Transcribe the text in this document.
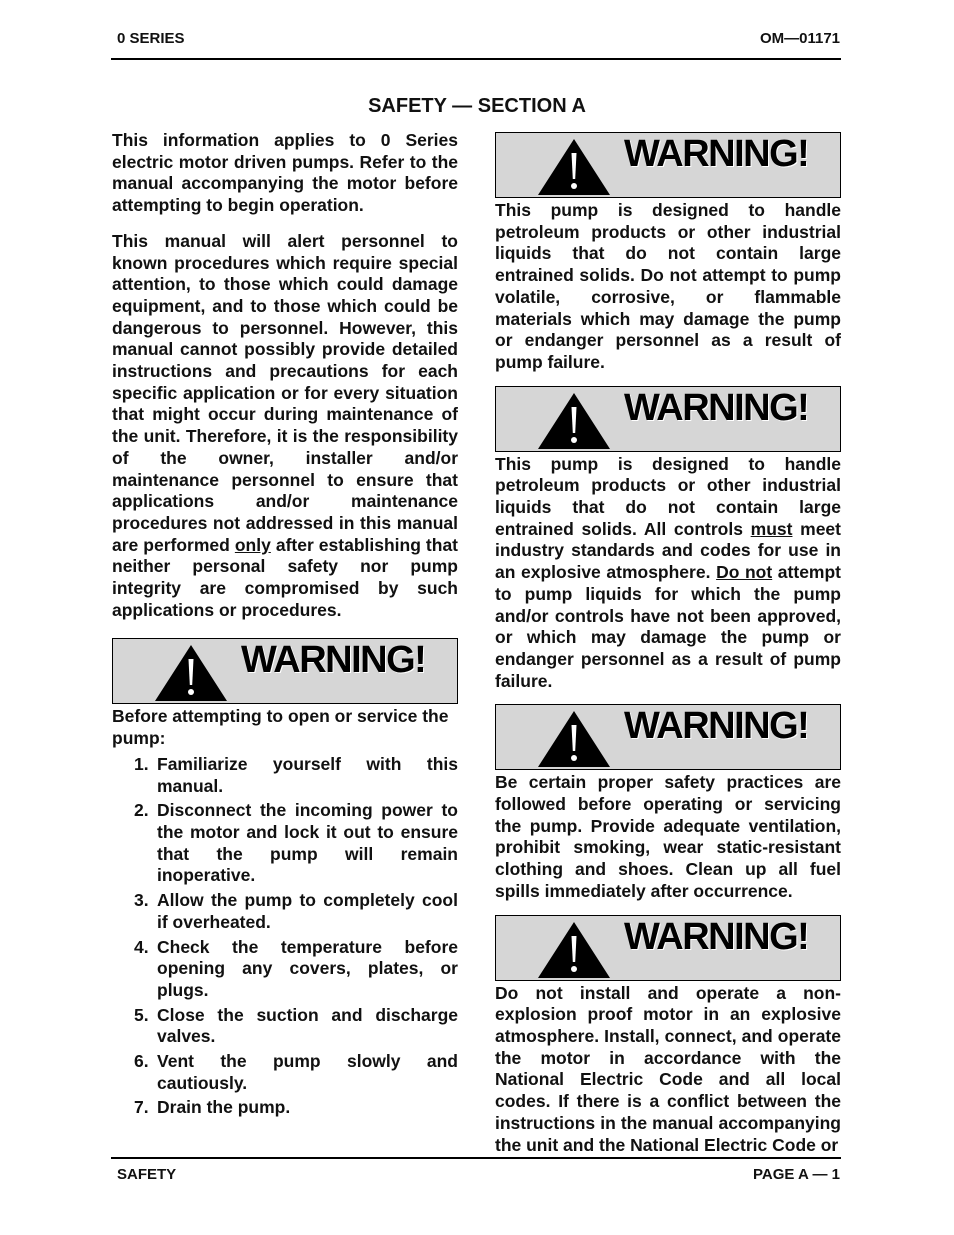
0 SERIES	OM—01171
SAFETY — SECTION A

This information applies to 0 Series electric motor driven pumps. Refer to the manual accompanying the motor before attempting to begin operation.

This manual will alert personnel to known procedures which require special attention, to those which could damage equipment, and to those which could be dangerous to personnel. However, this manual cannot possibly provide detailed instructions and precautions for each specific application or for every situation that might occur during maintenance of the unit. Therefore, it is the responsibility of the owner, installer and/or maintenance personnel to ensure that applications and/or maintenance procedures not addressed in this manual are performed only after establishing that neither personal safety nor pump integrity are compromised by such applications or procedures.

WARNING!

Before attempting to open or service the pump:

1. Familiarize yourself with this manual.
2. Disconnect the incoming power to the motor and lock it out to ensure that the pump will remain inoperative.
3. Allow the pump to completely cool if overheated.
4. Check the temperature before opening any covers, plates, or plugs.
5. Close the suction and discharge valves.
6. Vent the pump slowly and cautiously.
7. Drain the pump.
WARNING!

This pump is designed to handle petroleum products or other industrial liquids that do not contain large entrained solids. Do not attempt to pump volatile, corrosive, or flammable materials which may damage the pump or endanger personnel as a result of pump failure.

WARNING!

This pump is designed to handle petroleum products or other industrial liquids that do not contain large entrained solids. All controls must meet industry standards and codes for use in an explosive atmosphere. Do not attempt to pump liquids for which the pump and/or controls have not been approved, or which may damage the pump or endanger personnel as a result of pump failure.

WARNING!

Be certain proper safety practices are followed before operating or servicing the pump. Provide adequate ventilation, prohibit smoking, wear static-resistant clothing and shoes. Clean up all fuel spills immediately after occurrence.

WARNING!

Do not install and operate a non-explosion proof motor in an explosive atmosphere. Install, connect, and operate the motor in accordance with the National Electric Code and all local codes. If there is a conflict between the instructions in the manual accompanying the unit and the National Electric Code or

SAFETY	PAGE A — 1
